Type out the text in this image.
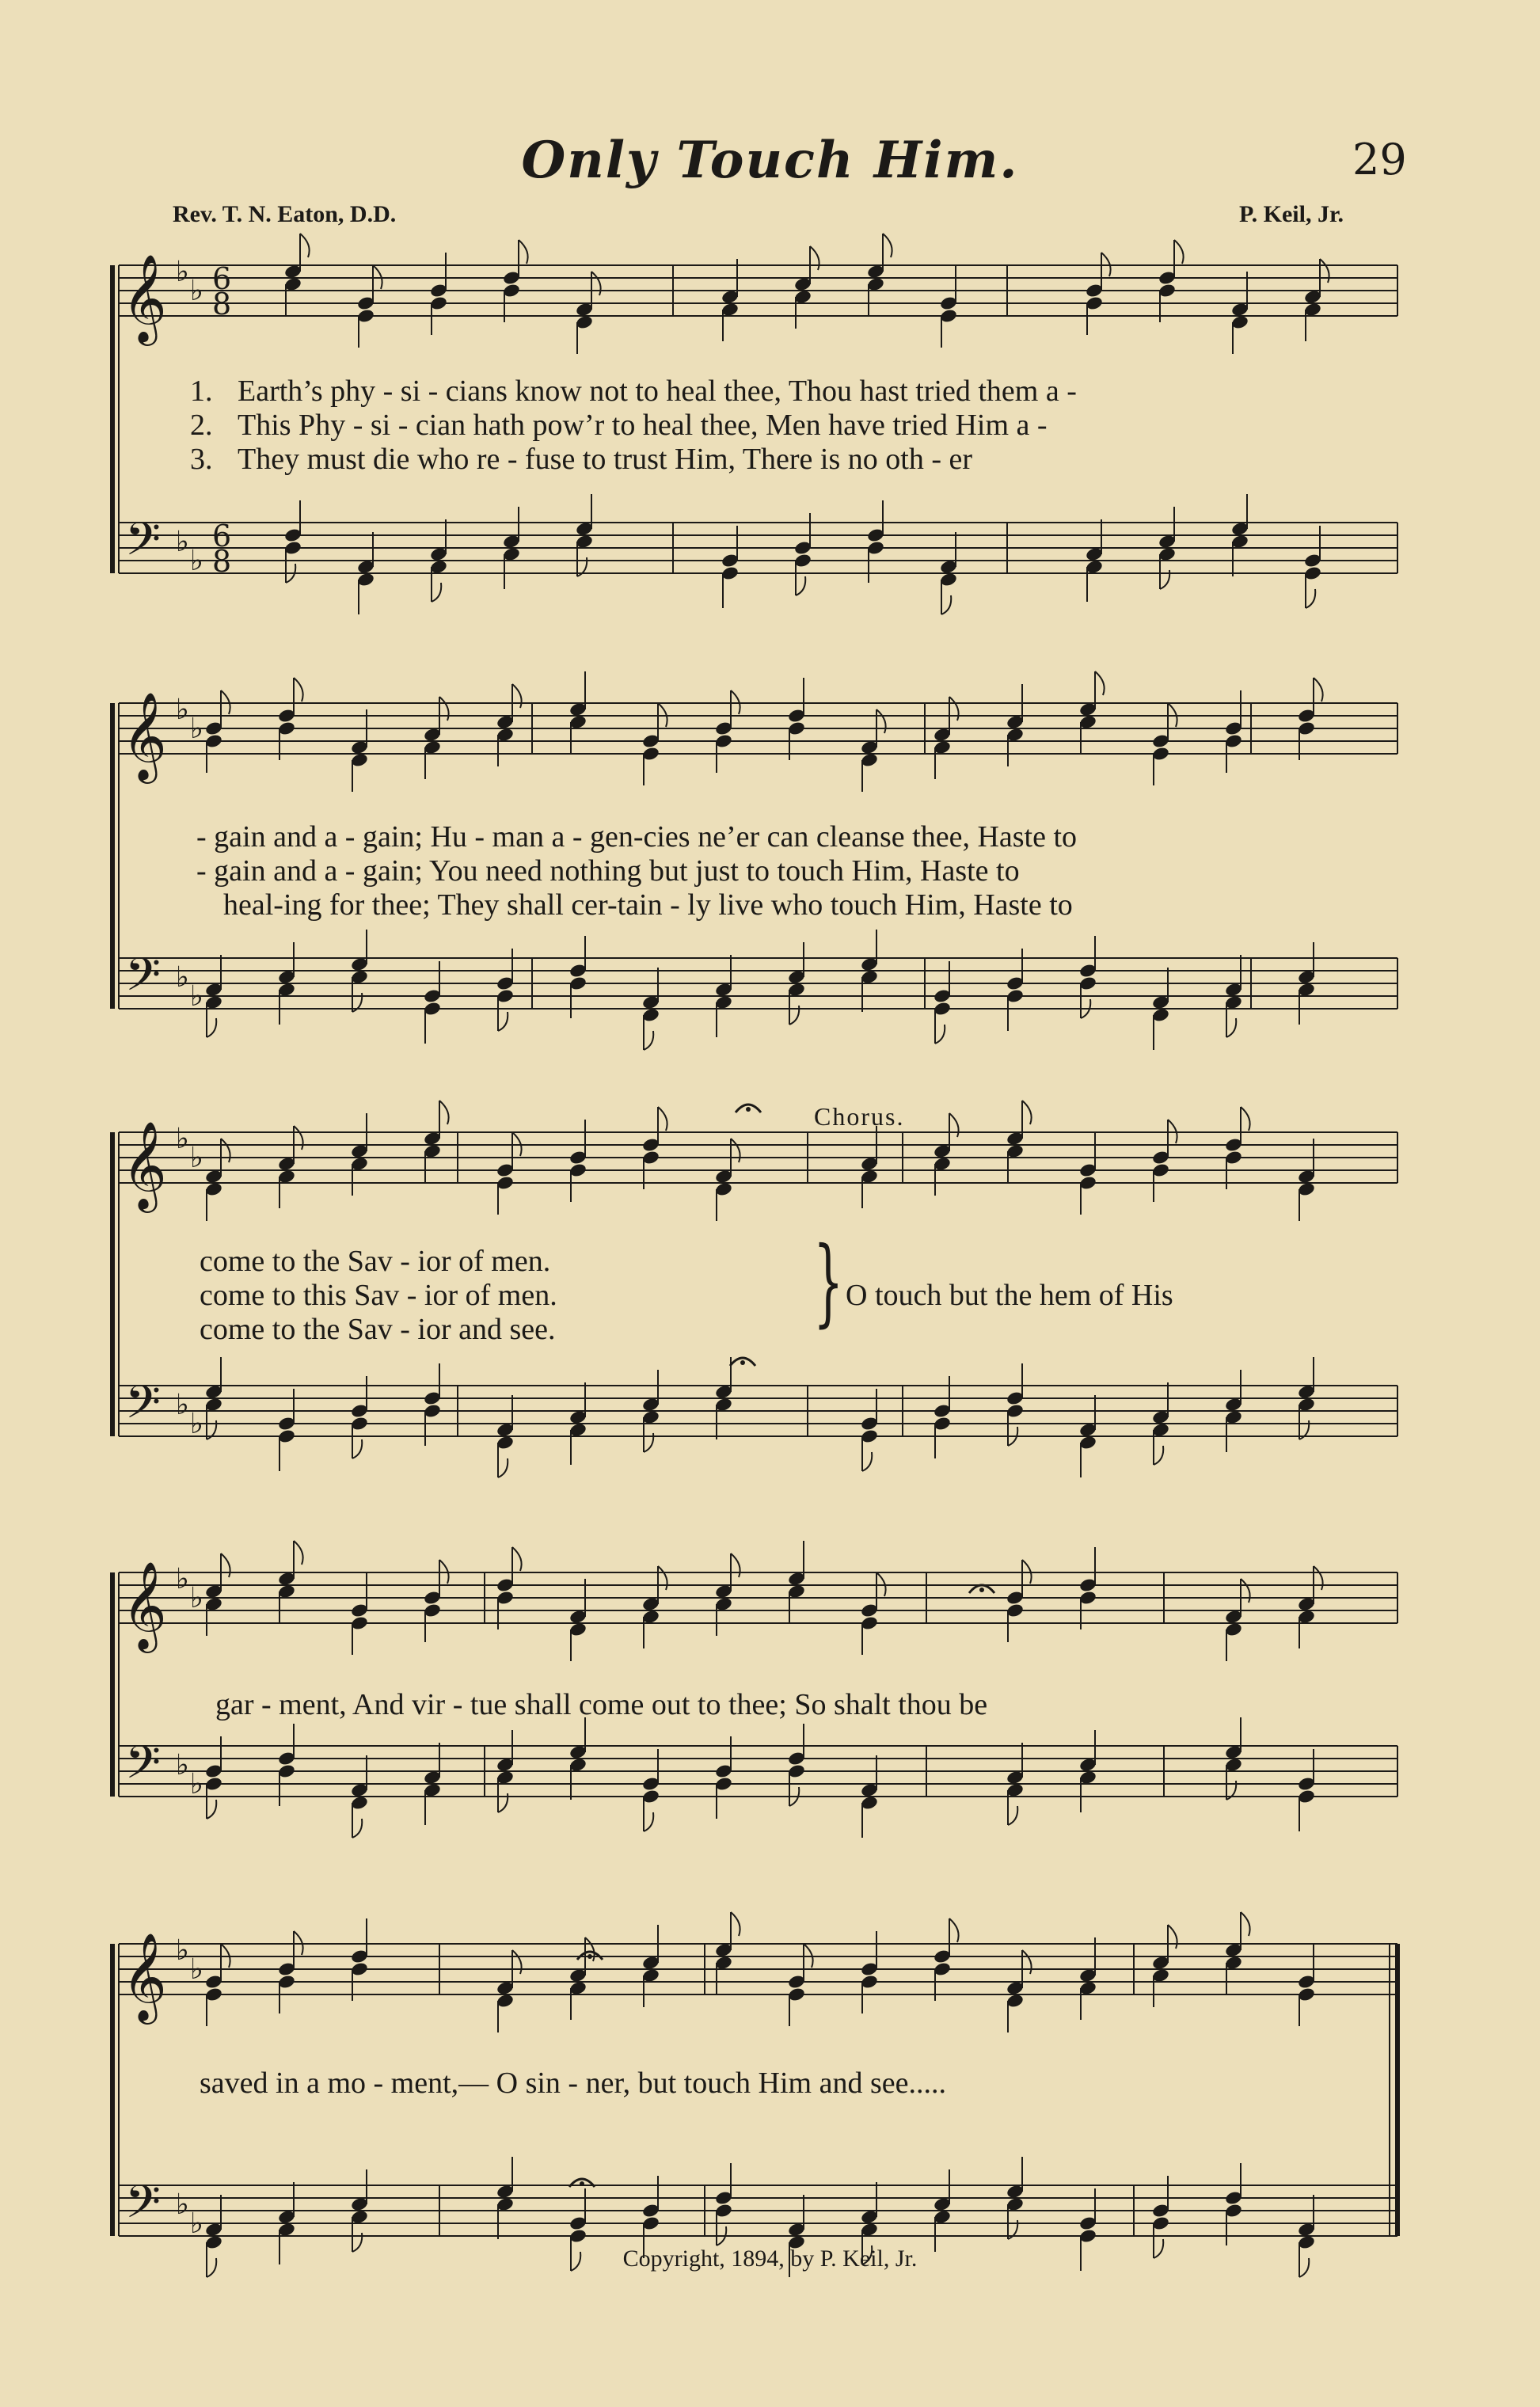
Only Touch Him.	29
Rev. T. N. Eaton, D.D.	P. Keil, Jr.
𝄞 ♭
♭ 6
8
𝄢 ♭
♭
6
8
𝄞 ♭
♭
𝄢 ♭
♭
𝄞 ♭
♭
𝄢 ♭
♭
𝄞 ♭
♭
𝄢 ♭
♭
𝄞 ♭
♭
𝄢 ♭
♭
1. Earth’s phy - si - cians know not to heal thee, Thou hast tried them a -
2. This Phy - si - cian hath pow’r to heal thee, Men have tried Him a -
3. They must die who re - fuse to trust Him, There is no oth - er
- gain and a - gain; Hu - man a - gen-cies ne’er can cleanse thee, Haste to
- gain and a - gain; You need nothing but just to touch Him, Haste to
heal-ing for thee; They shall cer-tain - ly live who touch Him, Haste to
Chorus.
come to the Sav - ior of men.
come to this Sav - ior of men.
come to the Sav - ior and see.	} O touch but the hem of His
gar - ment, And vir - tue shall come out to thee; So shalt thou be
saved in a mo - ment,— O sin - ner, but touch Him and see.....
Copyright, 1894, by P. Keil, Jr.
